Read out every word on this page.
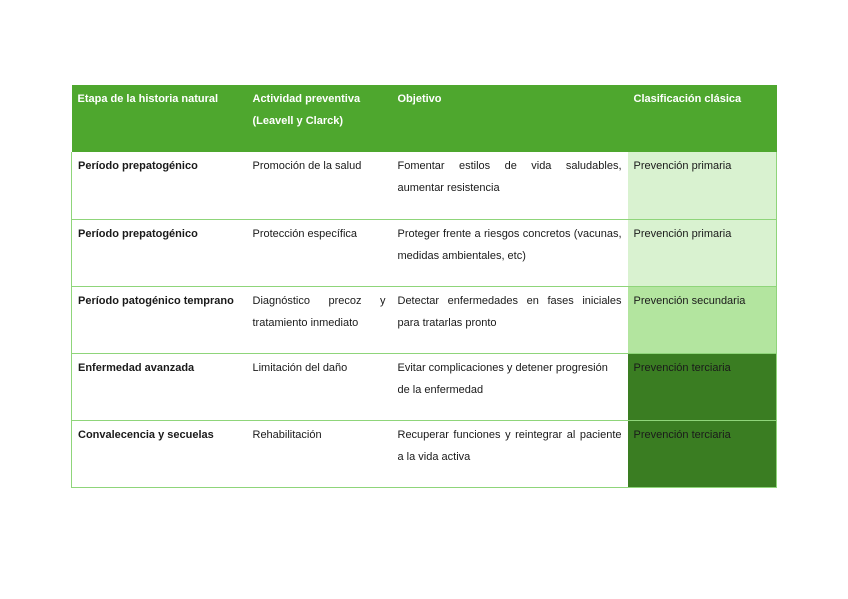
Etapa de la historia natural	Actividad preventiva (Leavell y Clarck)	Objetivo	Clasificación clásica
Período prepatogénico	Promoción de la salud	Fomentar estilos de vida saludables, aumentar resistencia	Prevención primaria
Período prepatogénico	Protección específica	Proteger frente a riesgos concretos (vacunas, medidas ambientales, etc)	Prevención primaria
Período patogénico temprano	Diagnóstico precoz y tratamiento inmediato	Detectar enfermedades en fases iniciales para tratarlas pronto	Prevención secundaria
Enfermedad avanzada	Limitación del daño	Evitar complicaciones y detener progresión de la enfermedad	Prevención terciaria
Convalecencia y secuelas	Rehabilitación	Recuperar funciones y reintegrar al paciente a la vida activa	Prevención terciaria
